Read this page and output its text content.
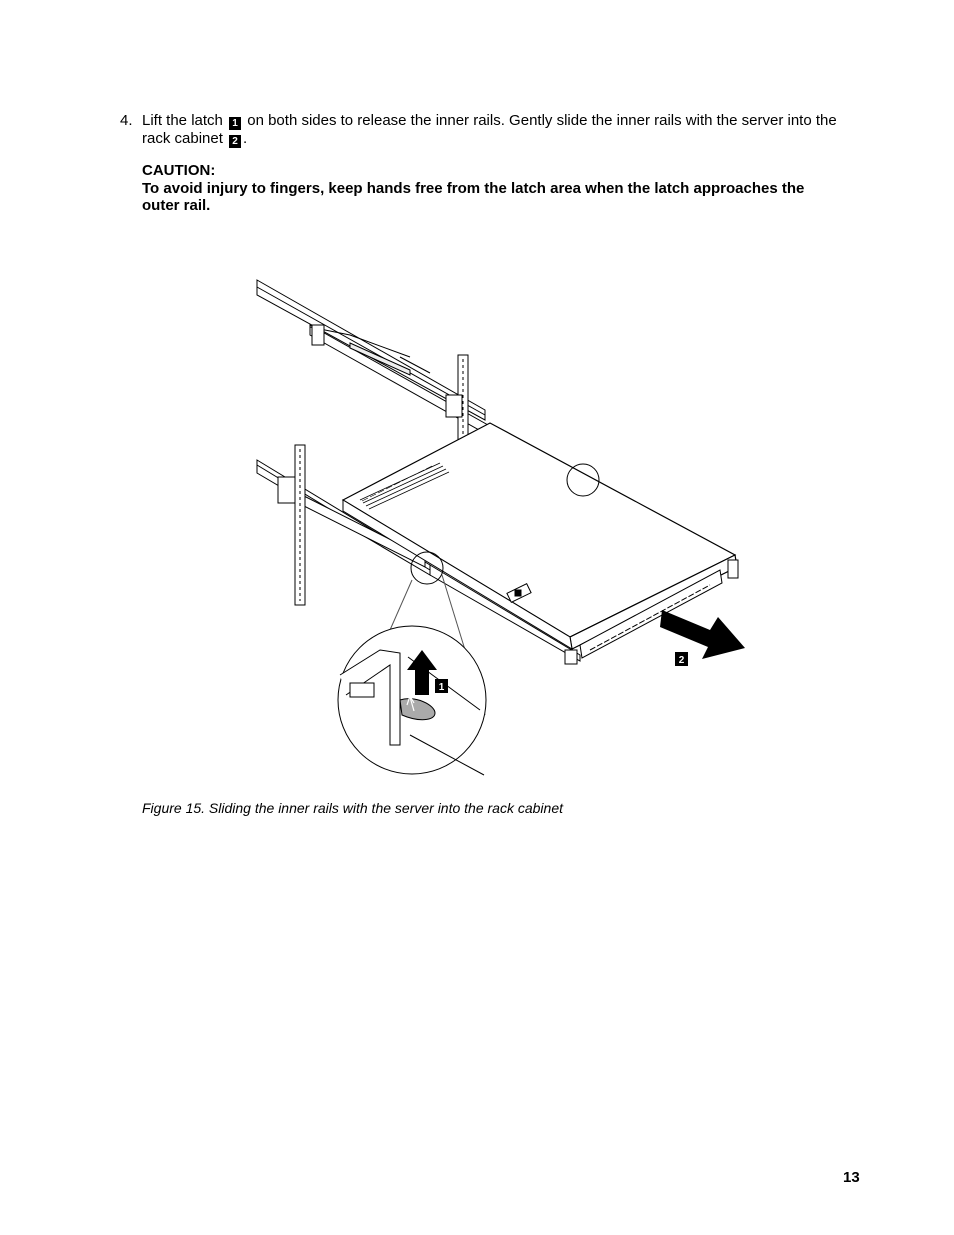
4. Lift the latch 1 on both sides to release the inner rails. Gently slide the inner rails with the server into the rack cabinet 2 .
CAUTION:
To avoid injury to fingers, keep hands free from the latch area when the latch approaches the outer rail.
2
1
Figure 15. Sliding the inner rails with the server into the rack cabinet
13
